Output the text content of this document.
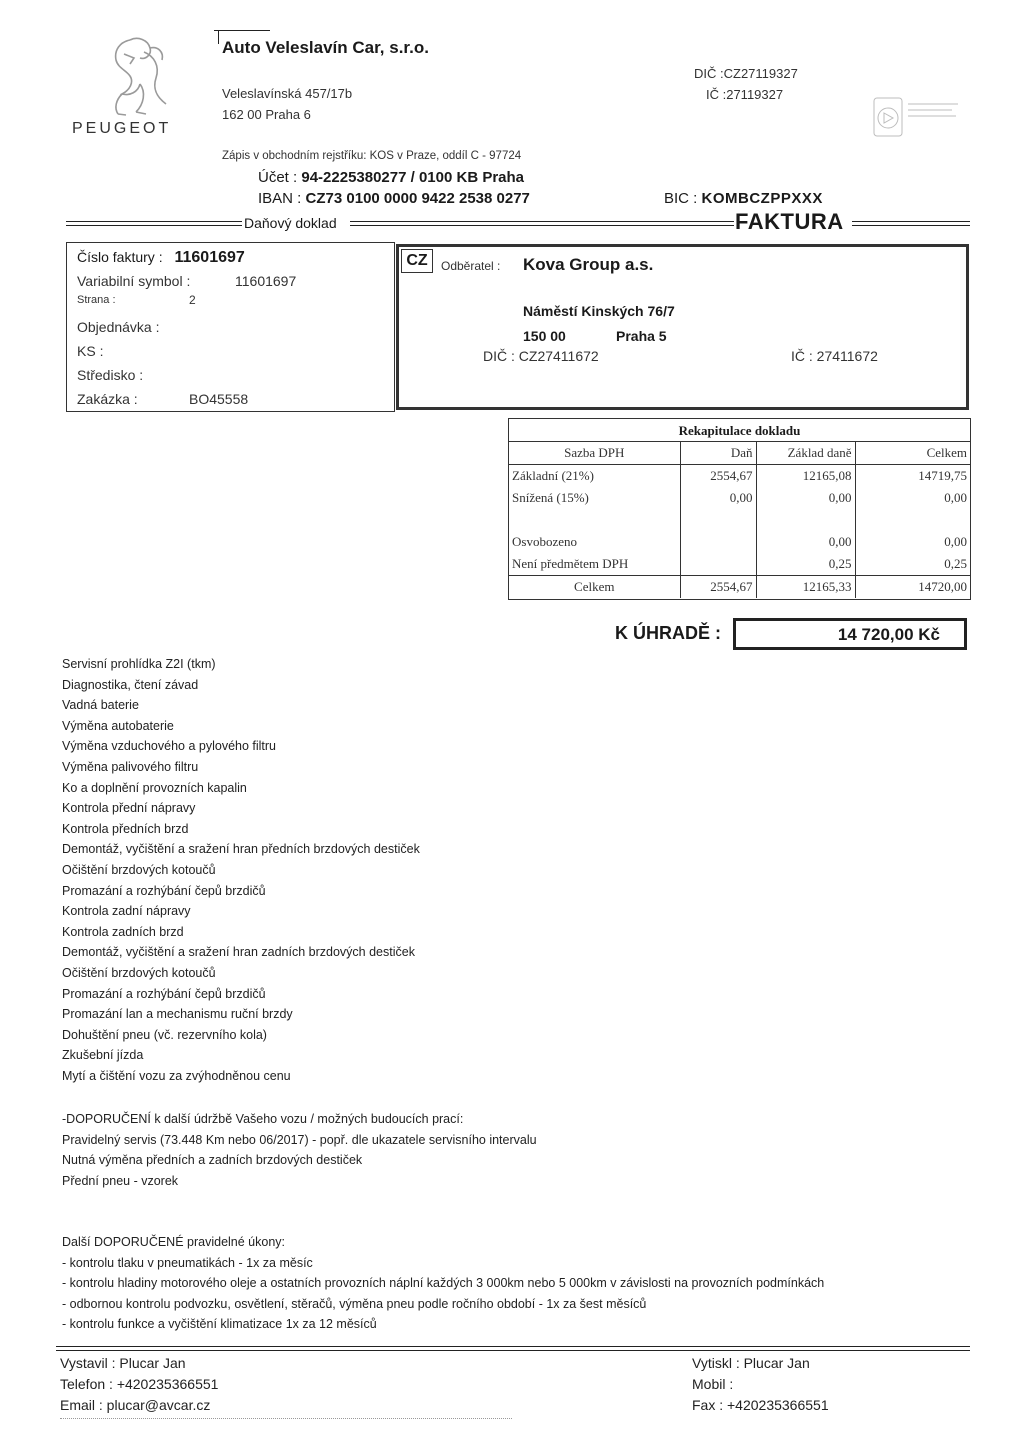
PEUGEOT
Auto Veleslavín Car, s.r.o.
Veleslavínská 457/17b
162 00 Praha 6
DIČ :CZ27119327
IČ :27119327
Zápis v obchodním rejstříku: KOS v Praze, oddíl C - 97724
Účet : 94-2225380277 / 0100 KB Praha
IBAN : CZ73 0100 0000 9422 2538 0277	BIC : KOMBCZPPXXX
Daňový doklad	FAKTURA
Číslo faktury : 11601697
Variabilní symbol :	11601697
Strana :	2
Objednávka :
KS :
Středisko :
Zakázka :	BO45558
CZ	Odběratel : Kova Group a.s.
Náměstí Kinských 76/7
150 00	Praha 5
DIČ : CZ27411672	IČ : 27411672
Rekapitulace dokladu
Sazba DPH	Daň	Základ daně	Celkem
Základní (21%)	2554,67	12165,08	14719,75
Snížená (15%)	0,00	0,00	0,00

Osvobozeno		0,00	0,00
Není předmětem DPH		0,25	0,25
Celkem	2554,67	12165,33	14720,00
K ÚHRADĚ :	14 720,00 Kč
Servisní prohlídka Z2I (tkm)
Diagnostika, čtení závad
Vadná baterie
Výměna autobaterie
Výměna vzduchového a pylového filtru
Výměna palivového filtru
Ko a doplnění provozních kapalin
Kontrola přední nápravy
Kontrola předních brzd
Demontáž, vyčištění a sražení hran předních brzdových destiček
Očištění brzdových kotoučů
Promazání a rozhýbání čepů brzdičů
Kontrola zadní nápravy
Kontrola zadních brzd
Demontáž, vyčištění a sražení hran zadních brzdových destiček
Očištění brzdových kotoučů
Promazání a rozhýbání čepů brzdičů
Promazání lan a mechanismu ruční brzdy
Dohuštění pneu (vč. rezervního kola)
Zkušební jízda
Mytí a čištění vozu za zvýhodněnou cenu
-DOPORUČENÍ k další údržbě Vašeho vozu / možných budoucích prací:
Pravidelný servis (73.448 Km nebo 06/2017) - popř. dle ukazatele servisního intervalu
Nutná výměna předních a zadních brzdových destiček
Přední pneu - vzorek
Další DOPORUČENÉ pravidelné úkony:
- kontrolu tlaku v pneumatikách - 1x za měsíc
- kontrolu hladiny motorového oleje a ostatních provozních náplní každých 3 000km nebo 5 000km v závislosti na provozních podmínkách
- odbornou kontrolu podvozku, osvětlení, stěračů, výměna pneu podle ročního období - 1x za šest měsíců
- kontrolu funkce a vyčištění klimatizace 1x za 12 měsíců
Vystavil : Plucar Jan
Telefon : +420235366551
Email : plucar@avcar.cz
Vytiskl : Plucar Jan
Mobil :
Fax : +420235366551
